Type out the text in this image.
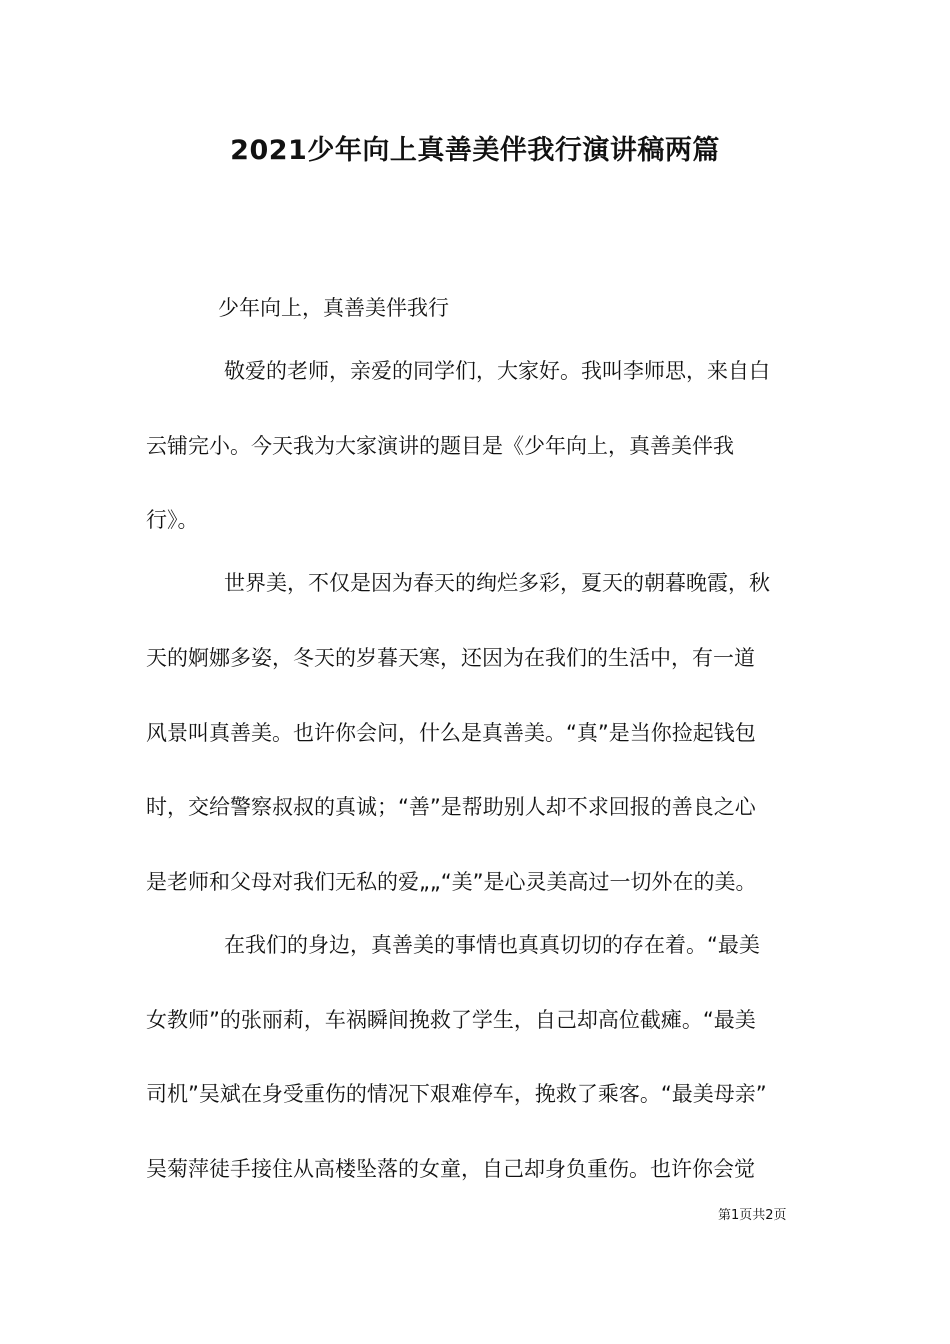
2021少年向上真善美伴我行演讲稿两篇
少年向上，真善美伴我行
敬爱的老师，亲爱的同学们，大家好。我叫李师思，来自白
云铺完小。今天我为大家演讲的题目是《少年向上，真善美伴我
行》。
世界美，不仅是因为春天的绚烂多彩，夏天的朝暮晚霞，秋
天的婀娜多姿，冬天的岁暮天寒，还因为在我们的生活中，有一道
风景叫真善美。也许你会问，什么是真善美。“真”是当你捡起钱包
时，交给警察叔叔的真诚；“善”是帮助别人却不求回报的善良之心
是老师和父母对我们无私的爱„„“美”是心灵美高过一切外在的美。
在我们的身边，真善美的事情也真真切切的存在着。“最美
女教师”的张丽莉，车祸瞬间挽救了学生，自己却高位截瘫。“最美
司机”吴斌在身受重伤的情况下艰难停车，挽救了乘客。“最美母亲”
吴菊萍徒手接住从高楼坠落的女童，自己却身负重伤。也许你会觉
第1页共2页
